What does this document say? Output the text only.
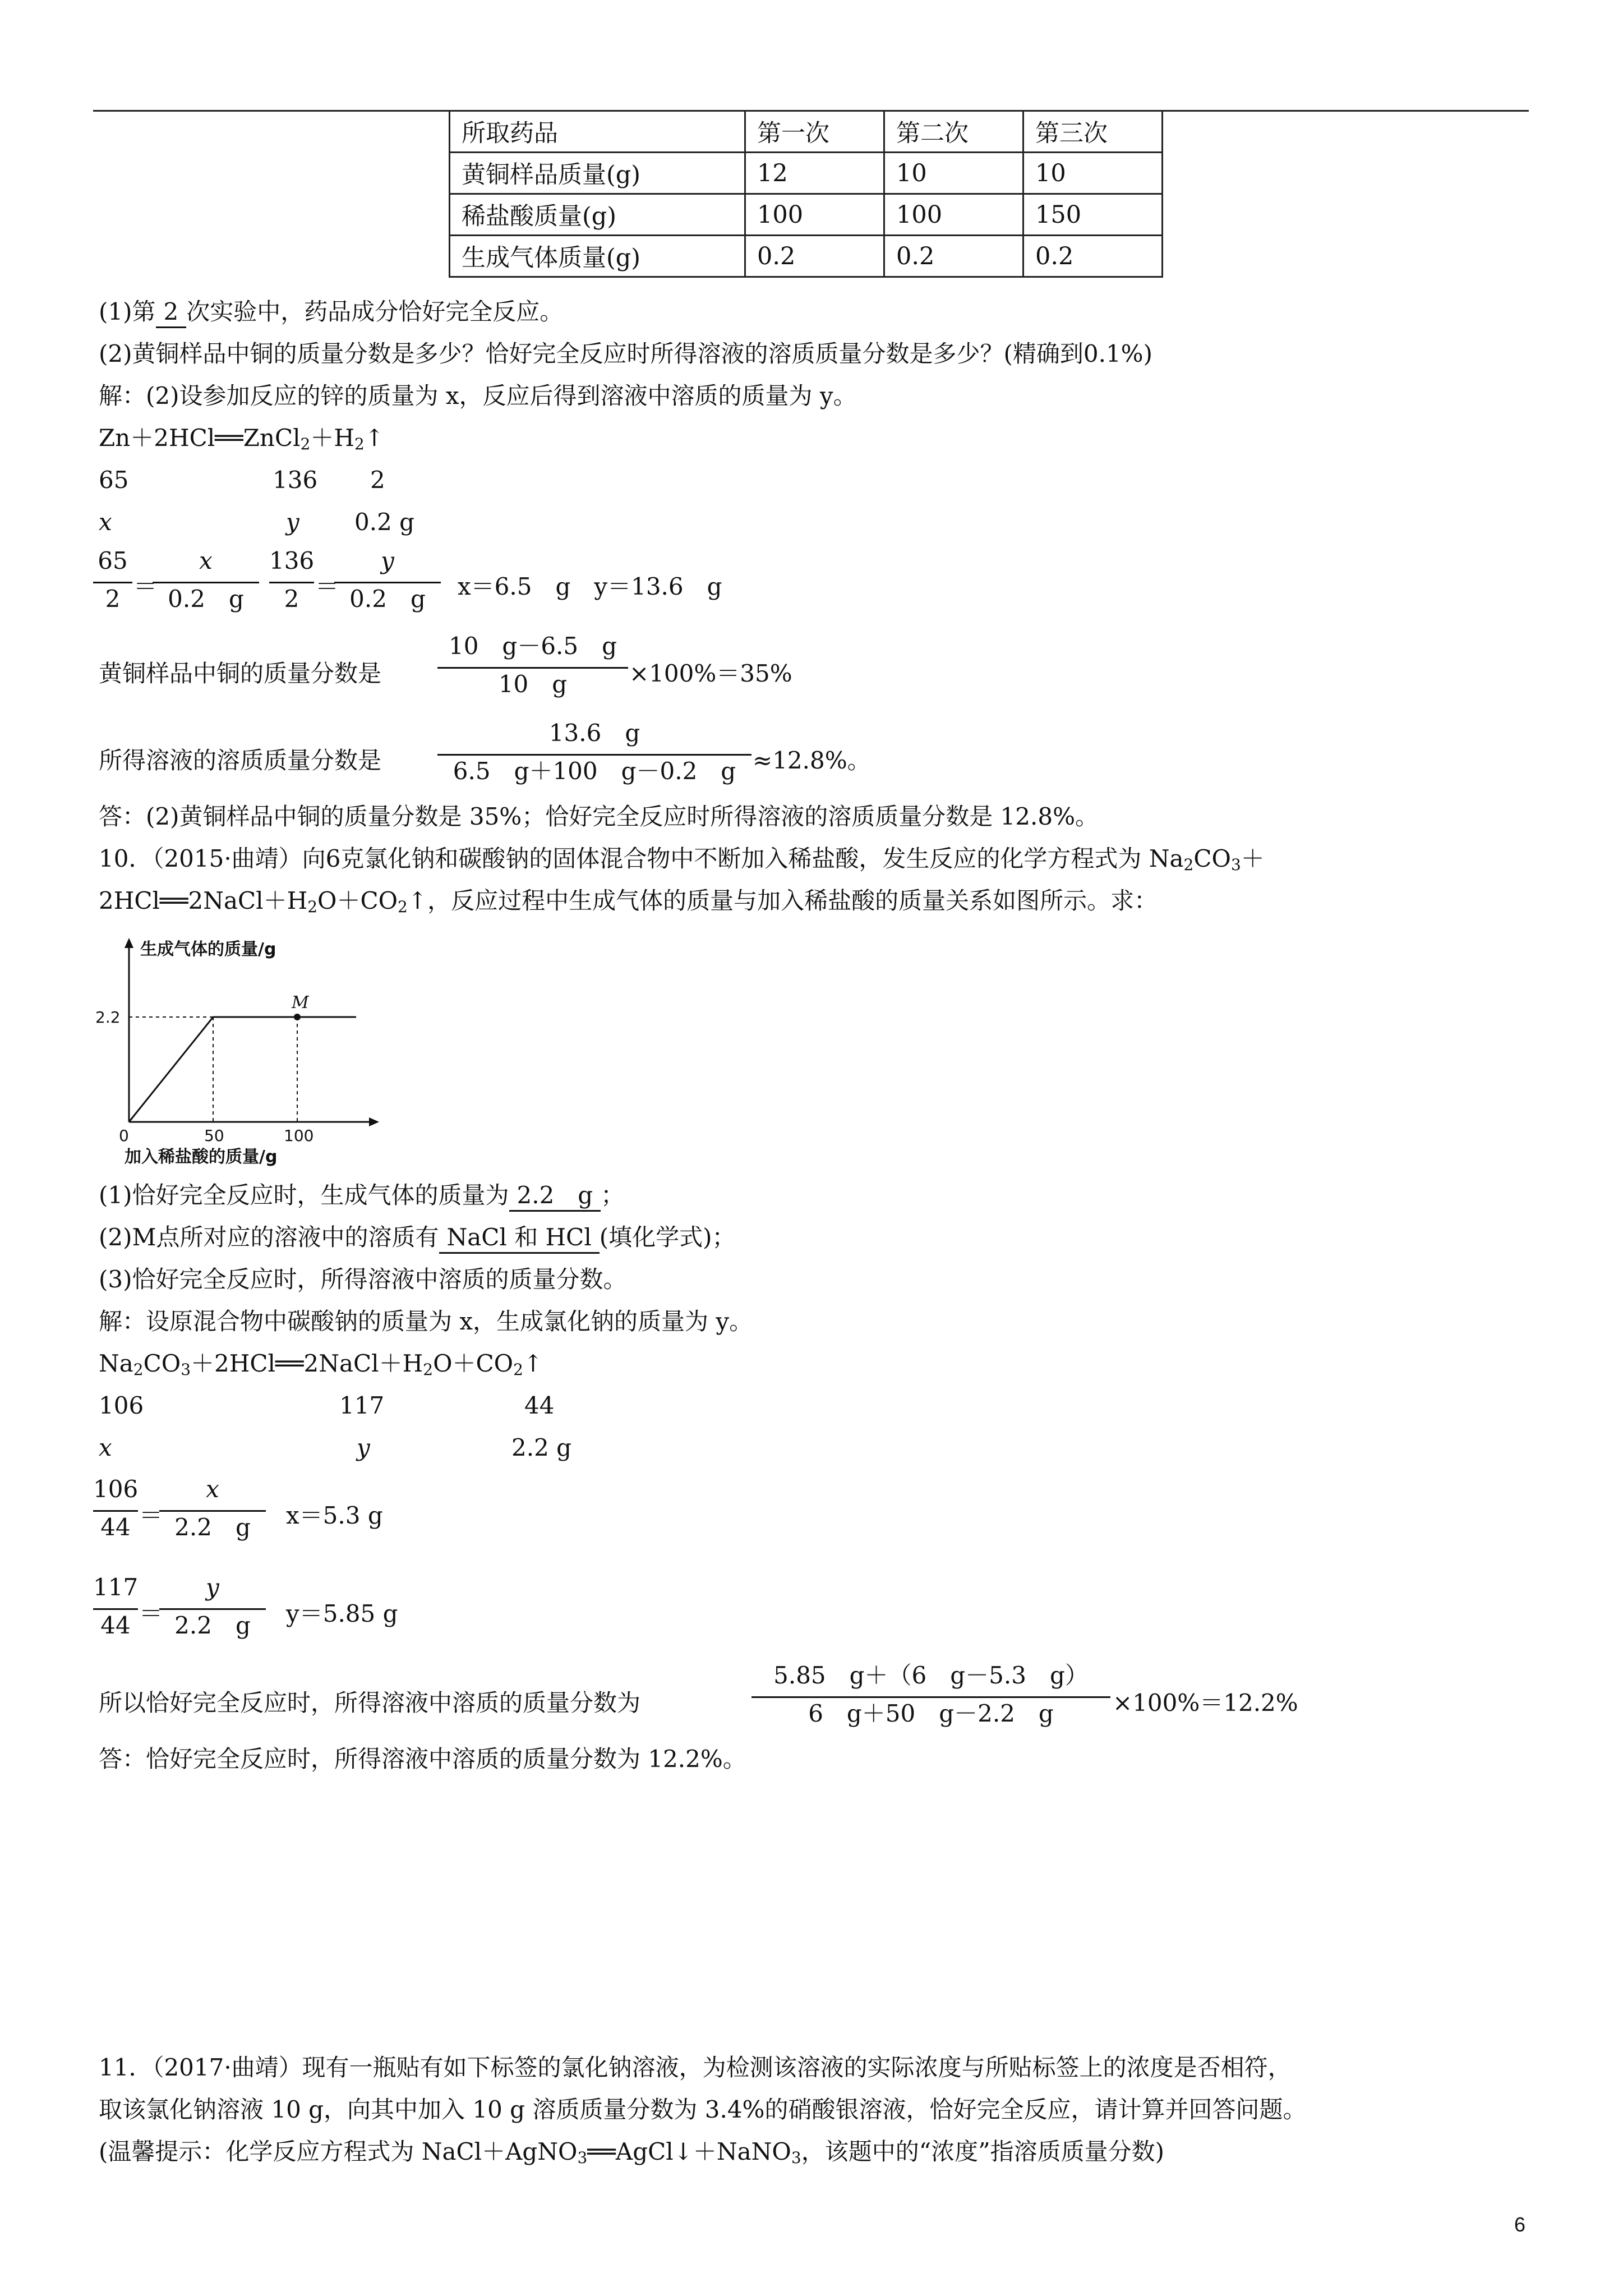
所取药品	第一次	第二次	第三次
黄铜样品质量(g)	12	10	10
稀盐酸质量(g)	100	100	150
生成气体质量(g)	0.2	0.2	0.2
(1)第 2 次实验中，药品成分恰好完全反应。
(2)黄铜样品中铜的质量分数是多少？恰好完全反应时所得溶液的溶质质量分数是多少？(精确到0.1%)
解：(2)设参加反应的锌的质量为 x，反应后得到溶液中溶质的质量为 y。
$Zn+2HCl══ZnCl_2+H_2↑$
65	136 2
x	y 0.2 g
65
2 ＝
x
0.2　g
136
2 ＝
y
0.2　g	x＝6.5　g　y＝13.6　g
黄铜样品中铜的质量分数是
10　g－6.5　g
10　g	×100%＝35%
所得溶液的溶质质量分数是
13.6　g
6.5　g＋100　g－0.2　g ≈12.8%。
答：(2)黄铜样品中铜的质量分数是 35%；恰好完全反应时所得溶液的溶质质量分数是 12.8%。
10．（2015·曲靖）向6克氯化钠和碳酸钠的固体混合物中不断加入稀盐酸，发生反应的化学方程式为 $Na_2CO_3+$
$2HCl══2NaCl+H_2O+CO_2↑$，反应过程中生成气体的质量与加入稀盐酸的质量关系如图所示。求：
生成气体的质量/g
加入稀盐酸的质量/g
0	50	100
2.2
M
(1)恰好完全反应时，生成气体的质量为 2.2　g ；
(2)M点所对应的溶液中的溶质有 NaCl 和 HCl (填化学式)；
(3)恰好完全反应时，所得溶液中溶质的质量分数。
解：设原混合物中碳酸钠的质量为 x，生成氯化钠的质量为 y。
$Na_2CO_3+2HCl══2NaCl+H_2O+CO_2↑$
106	117	44
x	y	2.2 g
106
44 ＝
x
2.2　g	x＝5.3 g
117
44 ＝
y
2.2　g	y＝5.85 g
所以恰好完全反应时，所得溶液中溶质的质量分数为
5.85　g＋（6　g－5.3　g）
6　g＋50　g－2.2　g	×100%＝12.2%
答：恰好完全反应时，所得溶液中溶质的质量分数为 12.2%。
11．（2017·曲靖）现有一瓶贴有如下标签的氯化钠溶液，为检测该溶液的实际浓度与所贴标签上的浓度是否相符，
取该氯化钠溶液 10 g，向其中加入 10 g 溶质质量分数为 3.4%的硝酸银溶液，恰好完全反应，请计算并回答问题。
(温馨提示：化学反应方程式为 NaCl＋AgNO$_3$══AgCl↓＋NaNO$_3$，该题中的“浓度”指溶质质量分数)
6
